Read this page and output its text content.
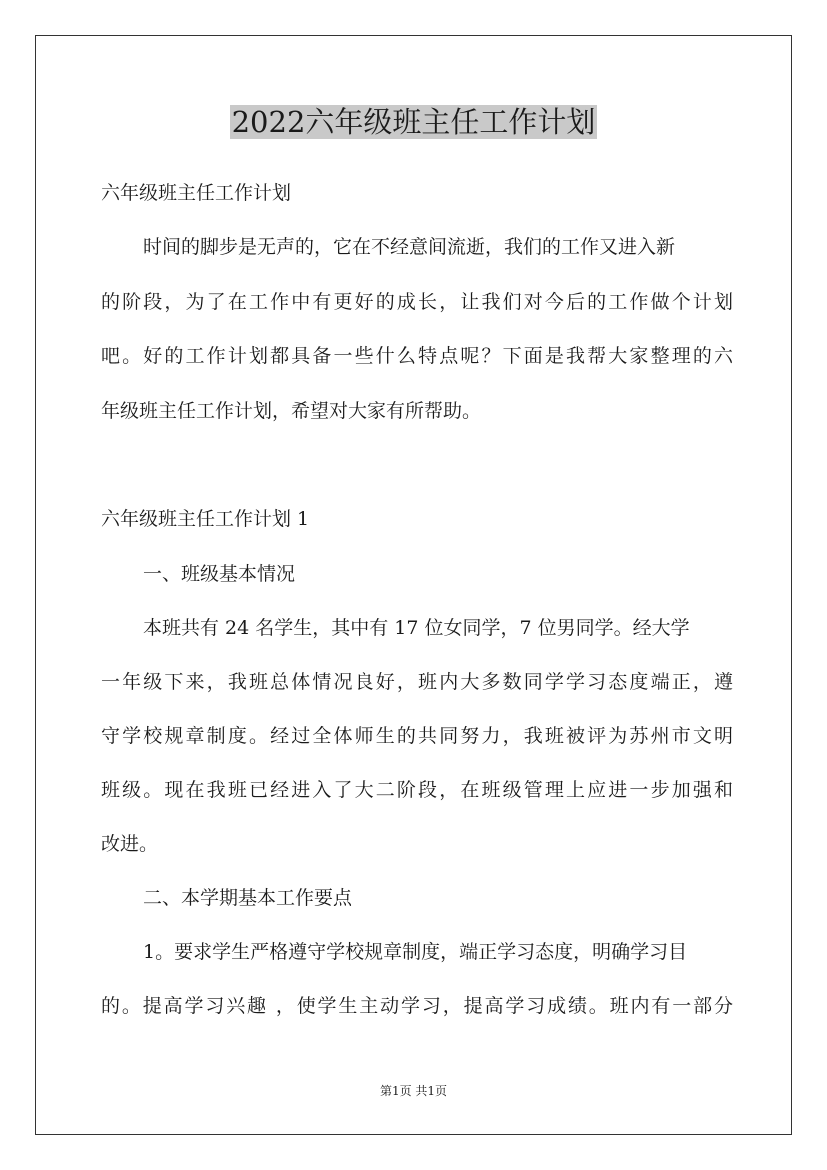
2022六年级班主任工作计划

六年级班主任工作计划

时间的脚步是无声的，它在不经意间流逝，我们的工作又进入新

的阶段，为了在工作中有更好的成长，让我们对今后的工作做个计划

吧。好的工作计划都具备一些什么特点呢？下面是我帮大家整理的六

年级班主任工作计划，希望对大家有所帮助。

六年级班主任工作计划 1

一、班级基本情况

本班共有 24 名学生，其中有 17 位女同学，7 位男同学。经大学

一年级下来，我班总体情况良好，班内大多数同学学习态度端正，遵

守学校规章制度。经过全体师生的共同努力，我班被评为苏州市文明

班级。现在我班已经进入了大二阶段，在班级管理上应进一步加强和

改进。

二、本学期基本工作要点

1。要求学生严格遵守学校规章制度，端正学习态度，明确学习目

的。提高学习兴趣 ，使学生主动学习，提高学习成绩。班内有一部分

第1页 共1页
